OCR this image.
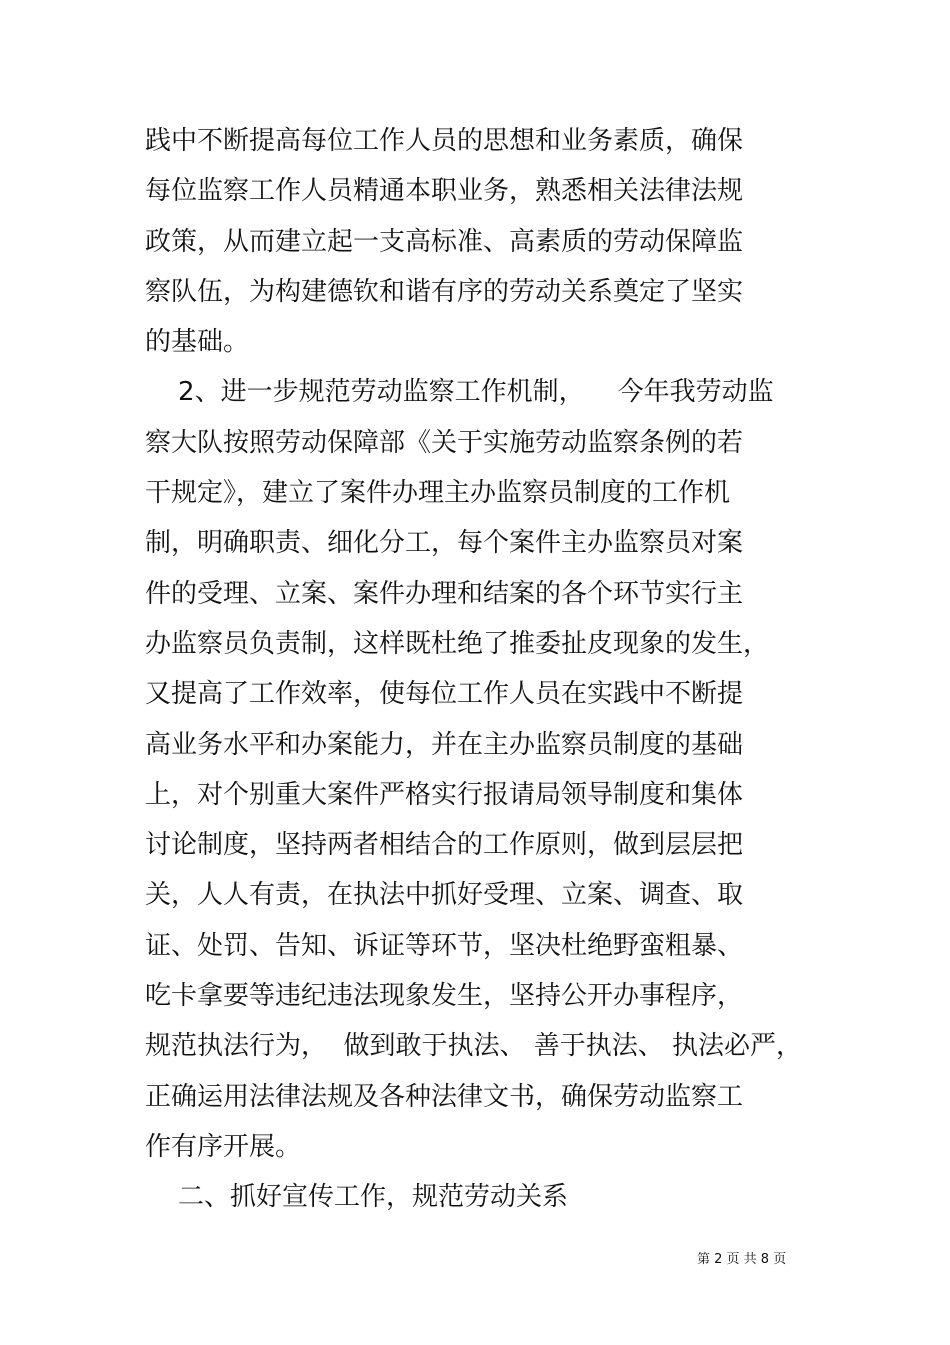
践中不断提高每位工作人员的思想和业务素质，确保
每位监察工作人员精通本职业务，熟悉相关法律法规
政策，从而建立起一支高标准、高素质的劳动保障监
察队伍，为构建德钦和谐有序的劳动关系奠定了坚实
的基础。
2、进一步规范劳动监察工作机制，    今年我劳动监
察大队按照劳动保障部《关于实施劳动监察条例的若
干规定》，建立了案件办理主办监察员制度的工作机
制，明确职责、细化分工，每个案件主办监察员对案
件的受理、立案、案件办理和结案的各个环节实行主
办监察员负责制，这样既杜绝了推委扯皮现象的发生，
又提高了工作效率，使每位工作人员在实践中不断提
高业务水平和办案能力，并在主办监察员制度的基础
上，对个别重大案件严格实行报请局领导制度和集体
讨论制度，坚持两者相结合的工作原则，做到层层把
关，人人有责，在执法中抓好受理、立案、调查、取
证、处罚、告知、诉证等环节，坚决杜绝野蛮粗暴、
吃卡拿要等违纪违法现象发生，坚持公开办事程序，
规范执法行为，  做到敢于执法、 善于执法、 执法必严，
正确运用法律法规及各种法律文书，确保劳动监察工
作有序开展。
二、抓好宣传工作，规范劳动关系
第 2 页 共 8 页
